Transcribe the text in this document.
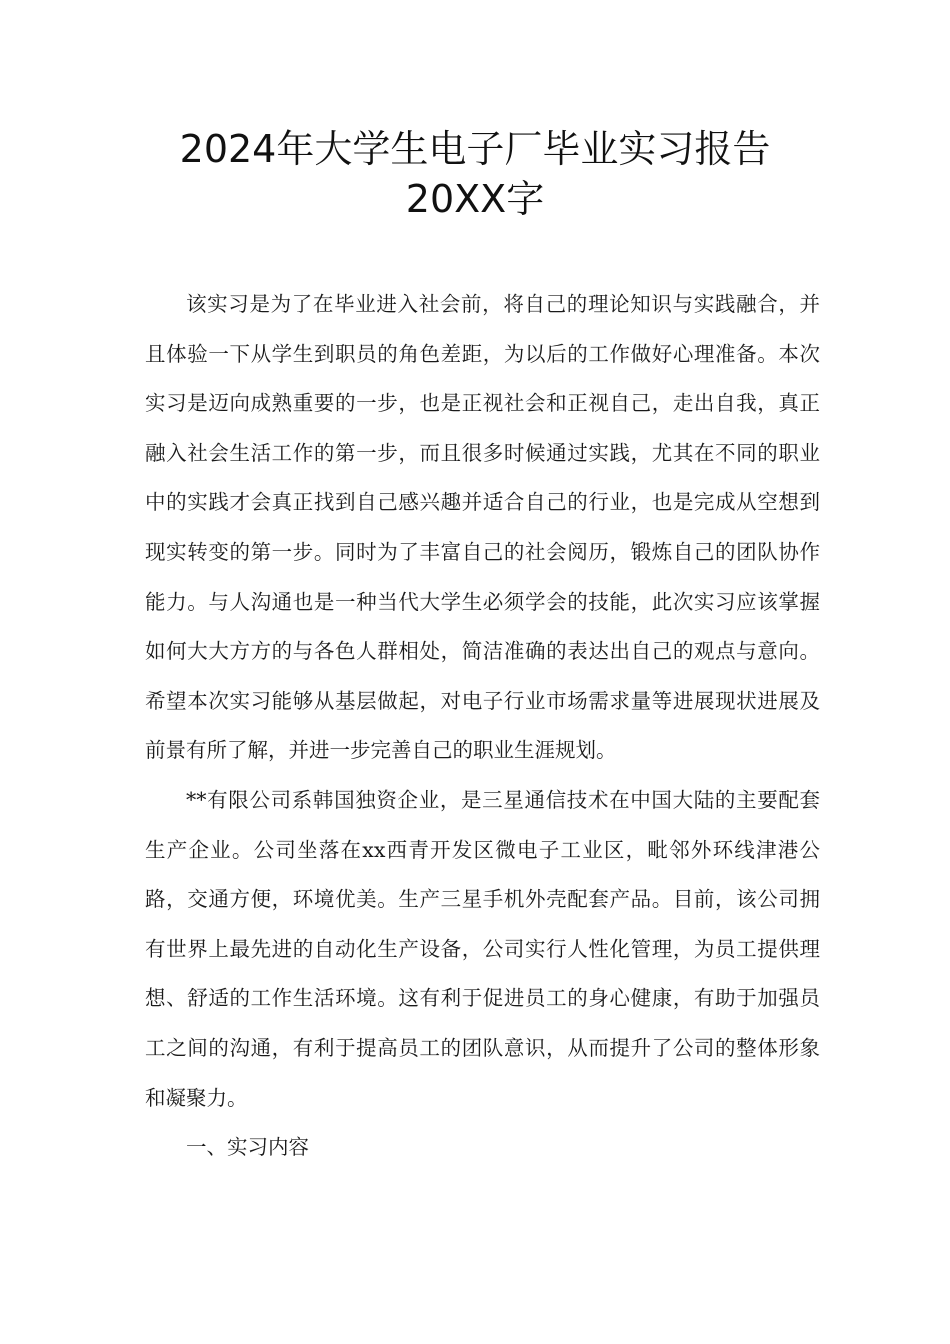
2024年大学生电子厂毕业实习报告
20XX字

该实习是为了在毕业进入社会前，将自己的理论知识与实践融合，并且体验一下从学生到职员的角色差距，为以后的工作做好心理准备。本次实习是迈向成熟重要的一步，也是正视社会和正视自己，走出自我，真正融入社会生活工作的第一步，而且很多时候通过实践，尤其在不同的职业中的实践才会真正找到自己感兴趣并适合自己的行业，也是完成从空想到现实转变的第一步。同时为了丰富自己的社会阅历，锻炼自己的团队协作能力。与人沟通也是一种当代大学生必须学会的技能，此次实习应该掌握如何大大方方的与各色人群相处，简洁准确的表达出自己的观点与意向。希望本次实习能够从基层做起，对电子行业市场需求量等进展现状进展及前景有所了解，并进一步完善自己的职业生涯规划。

**有限公司系韩国独资企业，是三星通信技术在中国大陆的主要配套生产企业。公司坐落在xx西青开发区微电子工业区，毗邻外环线津港公路，交通方便，环境优美。生产三星手机外壳配套产品。目前，该公司拥有世界上最先进的自动化生产设备，公司实行人性化管理，为员工提供理想、舒适的工作生活环境。这有利于促进员工的身心健康，有助于加强员工之间的沟通，有利于提高员工的团队意识，从而提升了公司的整体形象和凝聚力。

一、实习内容
